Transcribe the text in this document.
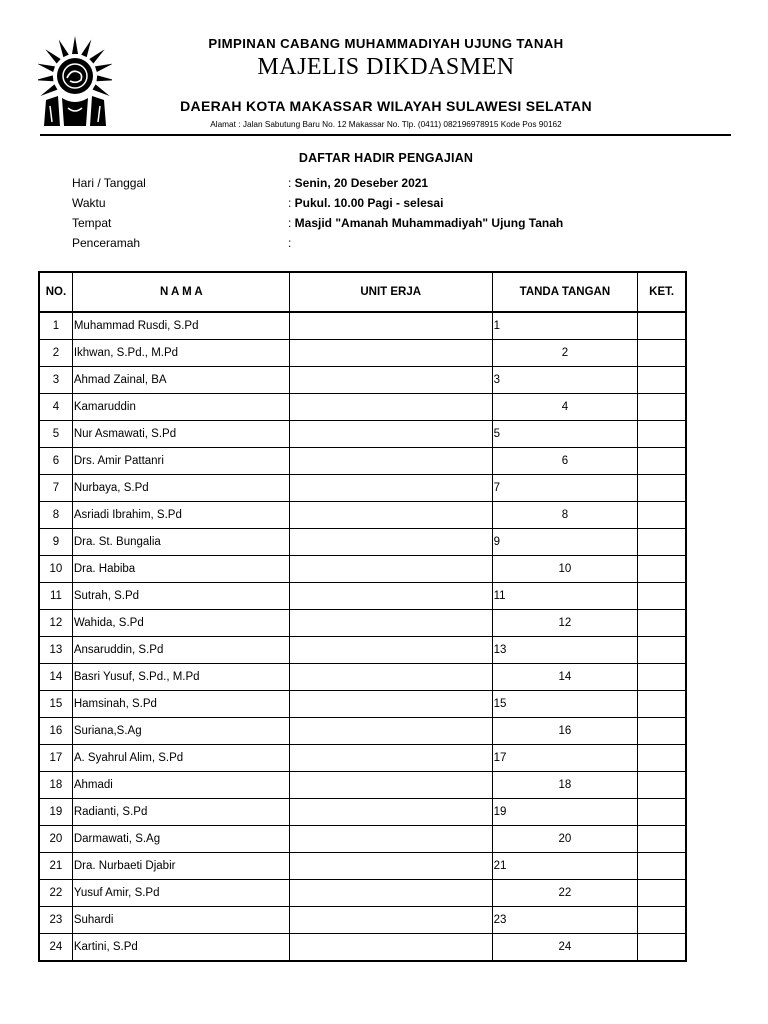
PIMPINAN CABANG MUHAMMADIYAH UJUNG TANAH
MAJELIS DIKDASMEN
DAERAH KOTA MAKASSAR WILAYAH SULAWESI SELATAN
Alamat : Jalan Sabutung Baru No. 12 Makassar No. Tlp. (0411) 082196978915 Kode Pos 90162
DAFTAR HADIR PENGAJIAN
Hari / Tanggal	: Senin, 20 Deseber 2021
Waktu	: Pukul. 10.00 Pagi - selesai
Tempat	: Masjid "Amanah Muhammadiyah" Ujung Tanah
Penceramah	:
NO.	N A M A	UNIT ERJA	TANDA TANGAN	KET.
1	Muhammad Rusdi, S.Pd		1	
2	Ikhwan, S.Pd., M.Pd		2	
3	Ahmad Zainal, BA		3	
4	Kamaruddin		4	
5	Nur Asmawati, S.Pd		5	
6	Drs. Amir Pattanri		6	
7	Nurbaya, S.Pd		7	
8	Asriadi Ibrahim, S.Pd		8	
9	Dra. St. Bungalia		9	
10	Dra. Habiba		10	
11	Sutrah, S.Pd		11	
12	Wahida, S.Pd		12	
13	Ansaruddin, S.Pd		13	
14	Basri Yusuf, S.Pd., M.Pd		14	
15	Hamsinah, S.Pd		15	
16	Suriana,S.Ag		16	
17	A. Syahrul Alim, S.Pd		17	
18	Ahmadi		18	
19	Radianti, S.Pd		19	
20	Darmawati, S.Ag		20	
21	Dra. Nurbaeti Djabir		21	
22	Yusuf Amir, S.Pd		22	
23	Suhardi		23	
24	Kartini, S.Pd		24	
